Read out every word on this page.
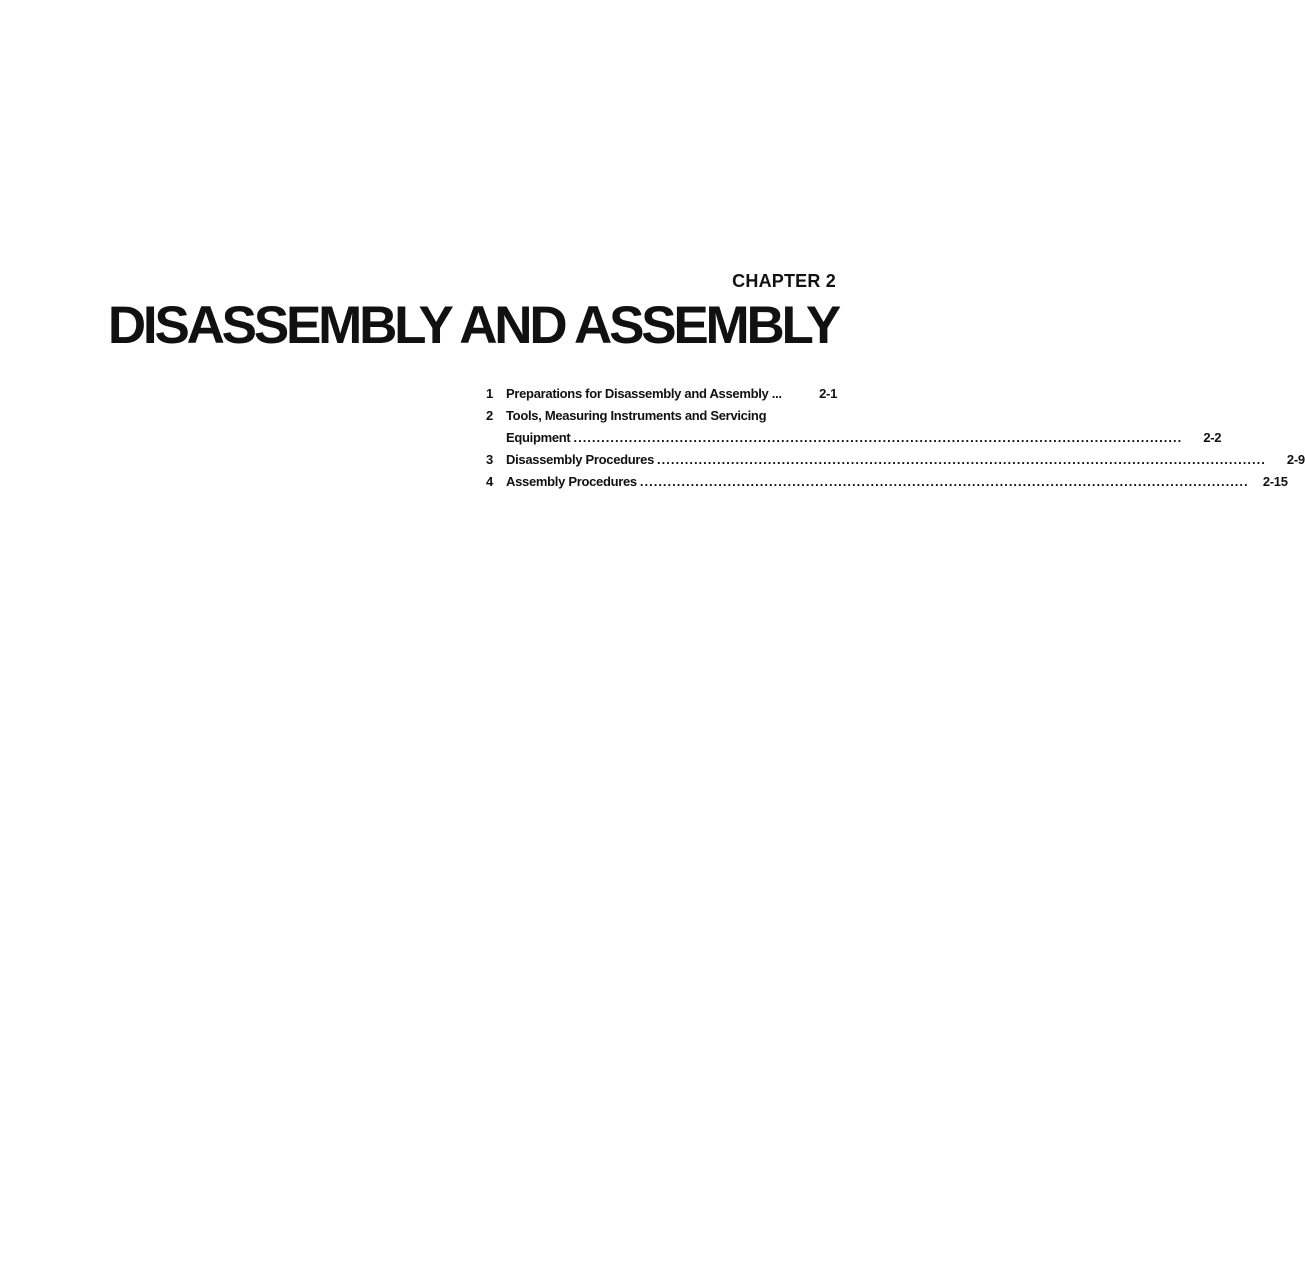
CHAPTER 2
DISASSEMBLY AND ASSEMBLY
1	Preparations for Disassembly and Assembly ...	2-1
2	Tools, Measuring Instruments and Servicing
Equipment .....	2-2
3	Disassembly Procedures .....	2-9
4	Assembly Procedures .....	2-15
